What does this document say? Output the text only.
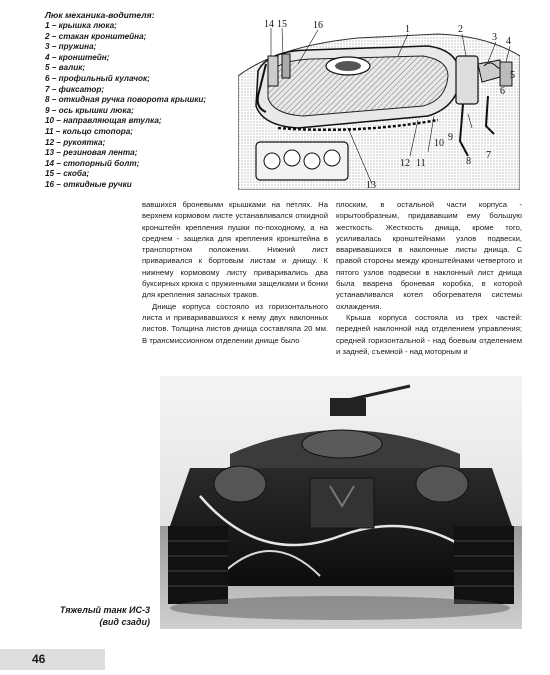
Люк механика-водителя:

1 – крышка люка;
2 – стакан кронштейна;
3 – пружина;
4 – кронштейн;
5 – валик;
6 – профильный кулачок;
7 – фиксатор;
8 – откидная ручка поворота крышки;
9 – ось крышки люка;
10 – направляющая втулка;
11 – кольцо стопора;
12 – рукоятка;
13 – резиновая лента;
14 – стопорный болт;
15 – скоба;
16 – откидные ручки
14 15	16	1	2
3 4
5
6
7
8
9
10
11
12
13

вавшихся броневыми крышками на петлях. На верхнем кормовом листе устанавливался откидной кронштейн крепления пушки по-походному, а на среднем - защелка для крепления кронштейна в транспортном положении. Нижний лист приваривался к бортовым листам и днищу. К нижнему кормовому листу приваривались два буксирных крюка с пружинными защелками и бонки для крепления запасных траков.

Днище корпуса состояло из горизонтального листа и приваривавшихся к нему двух наклонных листов. Толщина листов днища составляла 20 мм. В трансмиссионном отделении днище было

плоским, в остальной части корпуса - корытообразным, придававшим ему большую жесткость. Жесткость днища, кроме того, усиливалась кронштейнами узлов подвески, вваривавшихся в наклонные листы днища. С правой стороны между кронштейнами четвертого и пятого узлов подвески в наклонный лист днища была вварена броневая коробка, в которой устанавливался котел обогревателя системы охлаждения.

Крыша корпуса состояла из трех частей: передней наклонной над отделением управления; средней горизонтальной - над боевым отделением и задней, съемной - над моторным и

Тяжелый танк ИС-3
(вид сзади)
46
